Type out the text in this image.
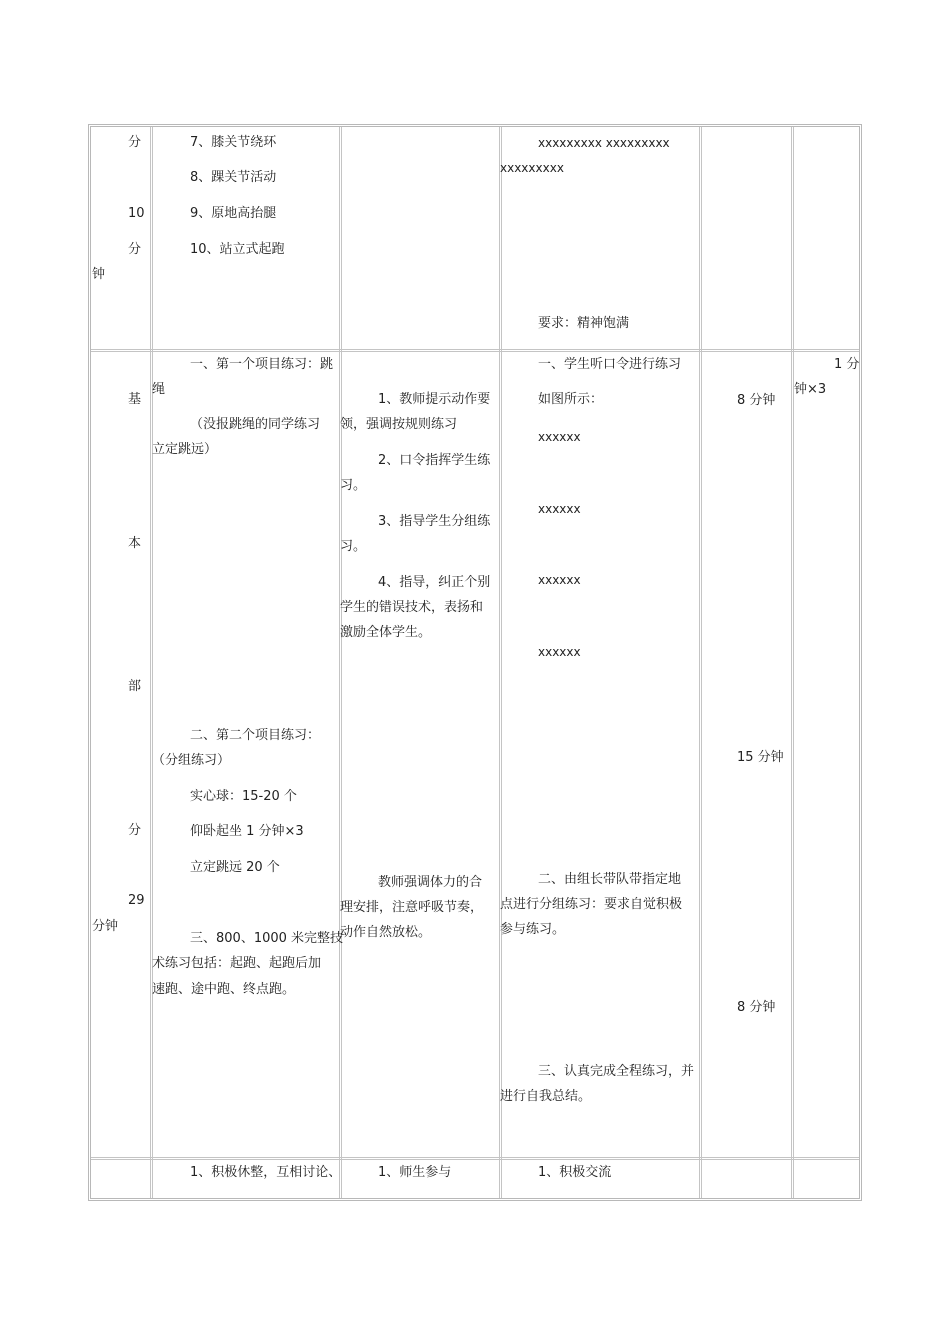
分
10
分
钟
7、膝关节绕环
8、踝关节活动
9、原地高抬腿
10、站立式起跑
xxxxxxxxx xxxxxxxxx
xxxxxxxxx
要求：精神饱满
基
本
部
分
29
分钟
一、第一个项目练习：跳
绳
（没报跳绳的同学练习
立定跳远）
二、第二个项目练习：
（分组练习）
实心球：15-20 个
仰卧起坐 1 分钟×3
立定跳远 20 个
三、800、1000 米完整技
术练习包括：起跑、起跑后加
速跑、途中跑、终点跑。
1、教师提示动作要
领，强调按规则练习
2、口令指挥学生练
习。
3、指导学生分组练
习。
4、指导，纠正个别
学生的错误技术，表扬和
激励全体学生。
教师强调体力的合
理安排，注意呼吸节奏，
动作自然放松。
一、学生听口令进行练习
如图所示：
xxxxxx
xxxxxx
xxxxxx
xxxxxx
二、由组长带队带指定地
点进行分组练习：要求自觉积极
参与练习。
三、认真完成全程练习，并
进行自我总结。
8 分钟
15 分钟
8 分钟
1 分
钟×3
1、积极休整，互相讨论、	1、师生参与	1、积极交流
